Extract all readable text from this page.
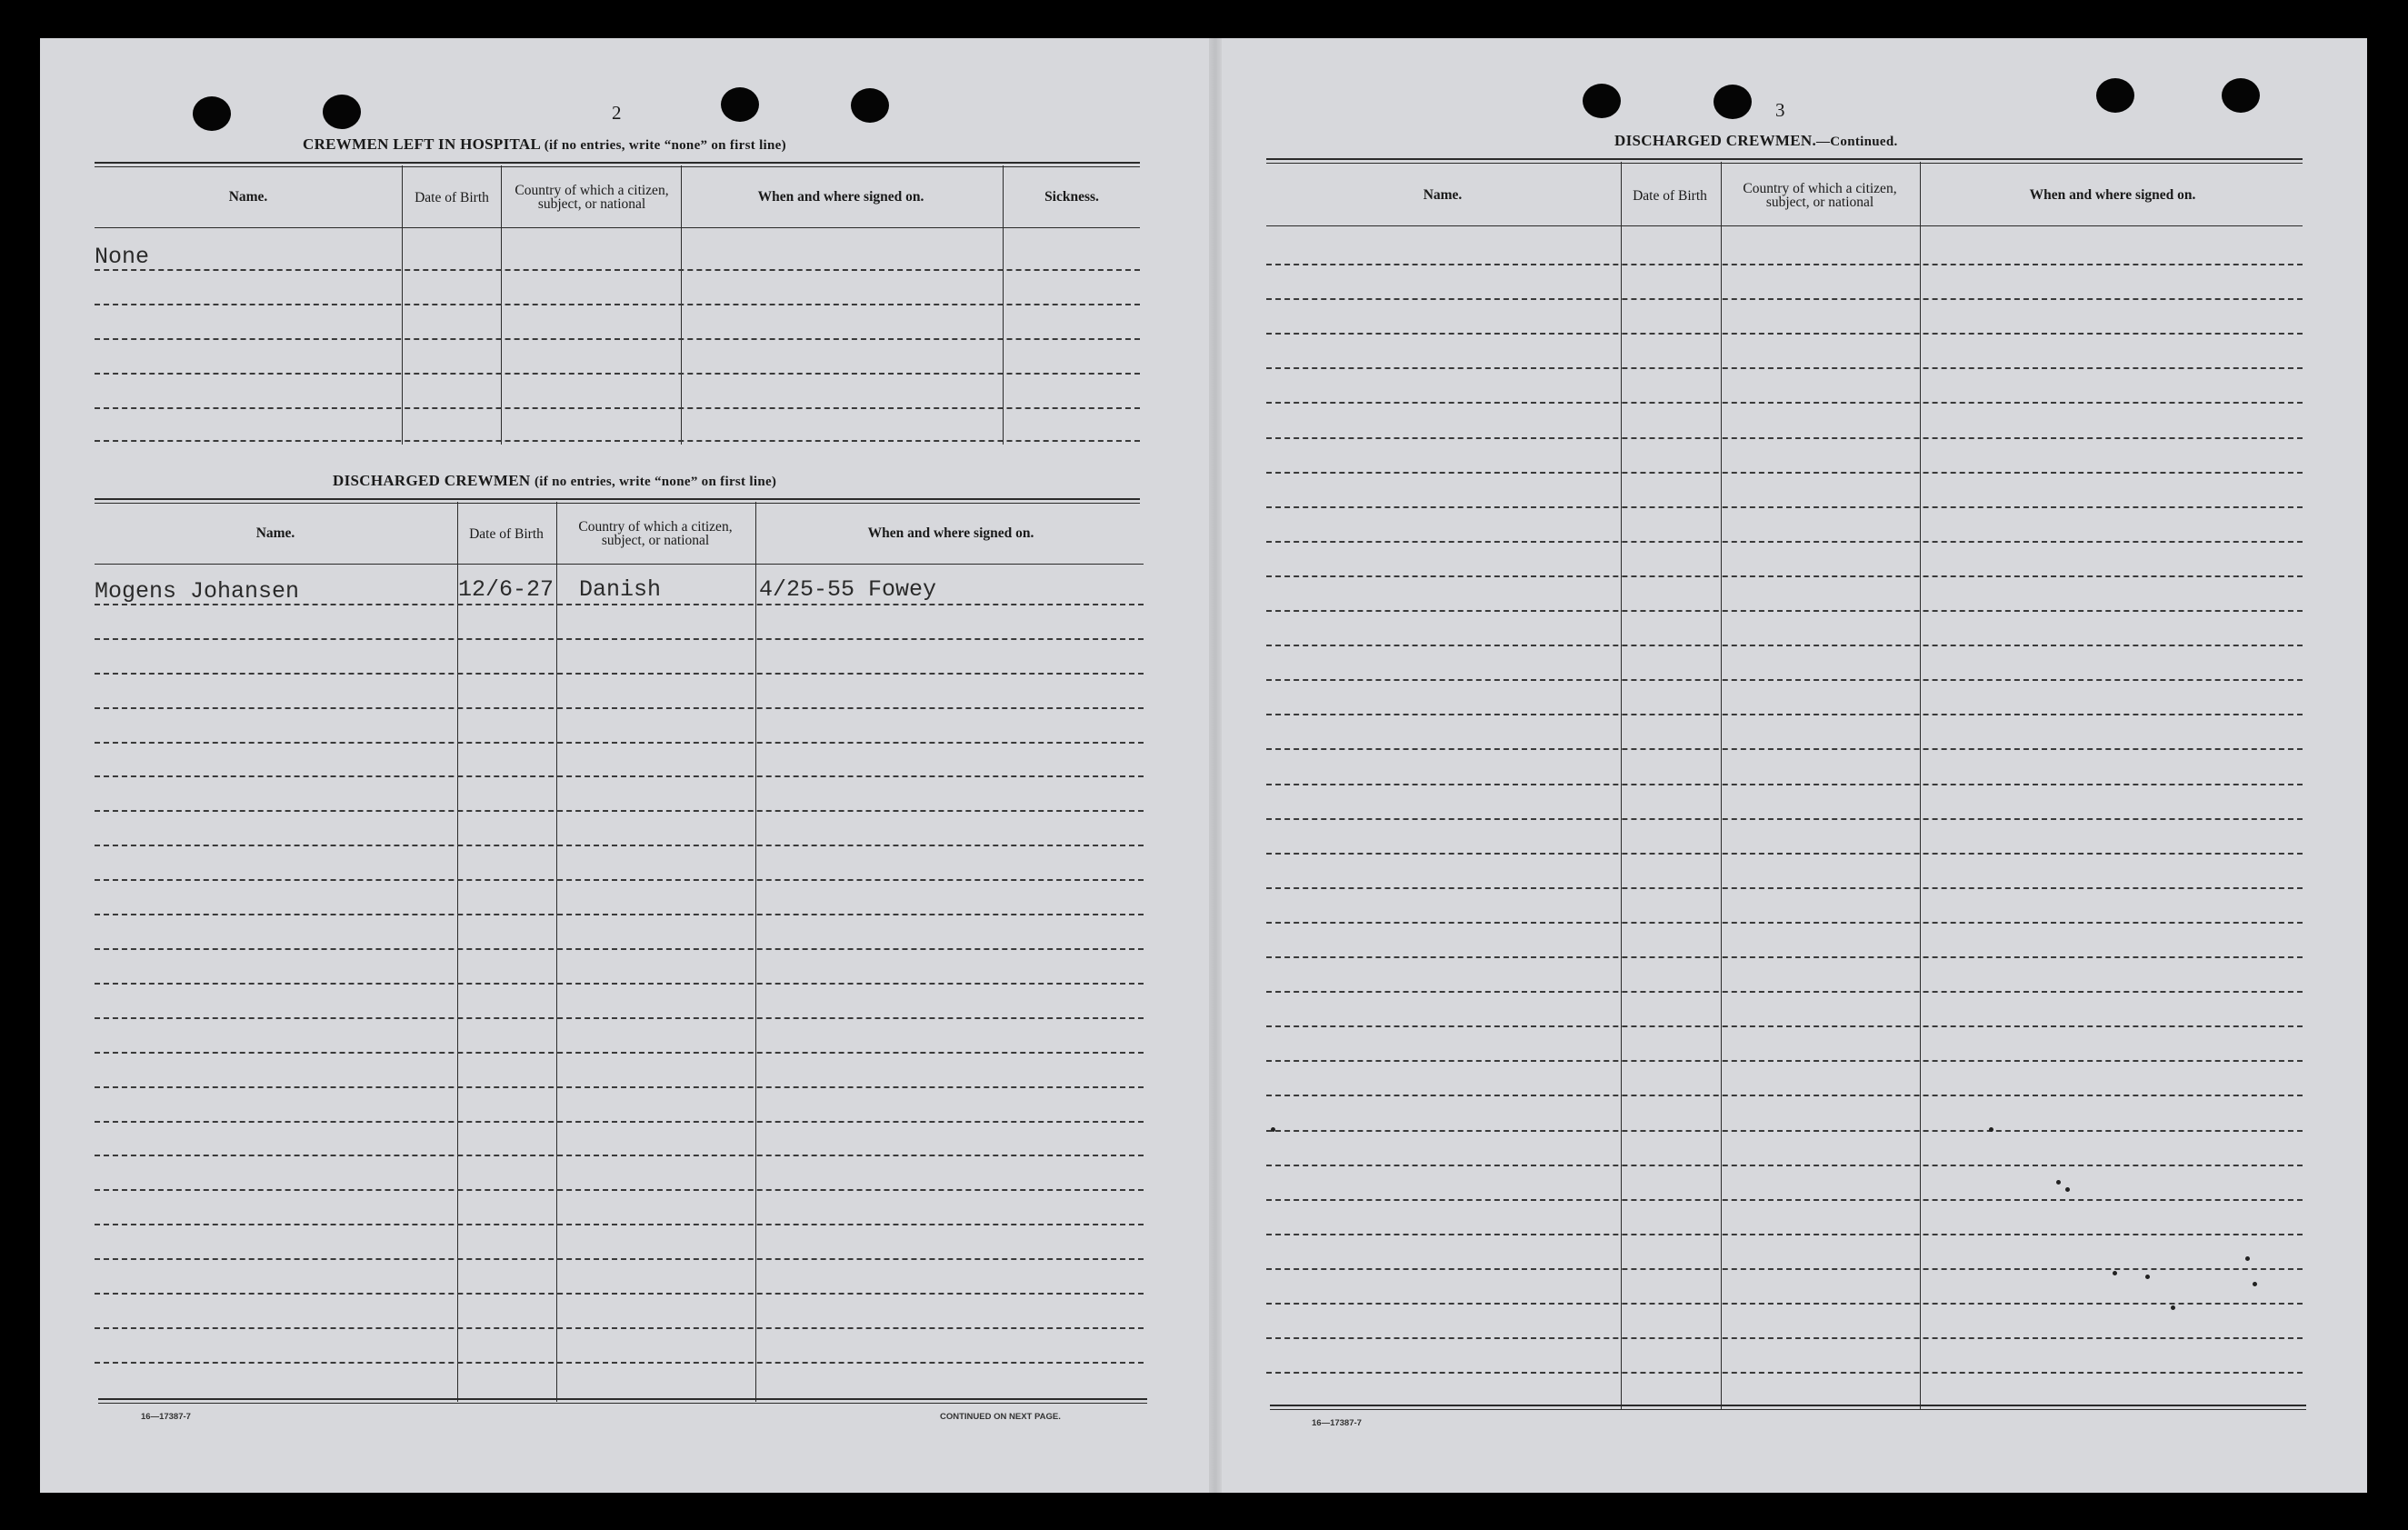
2
CREWMEN LEFT IN HOSPITAL (if no entries, write “none” on first line)
Name.	Date of Birth	Country of which a citizen, subject, or national	When and where signed on.	Sickness.
None
DISCHARGED CREWMEN (if no entries, write “none” on first line)
Name.	Date of Birth	Country of which a citizen, subject, or national	When and where signed on.
Mogens Johansen	12/6-27 Danish	4/25-55 Fowey
16—17387-7	CONTINUED ON NEXT PAGE.
3
DISCHARGED CREWMEN.—Continued.
Name.	Date of Birth	Country of which a citizen, subject, or national	When and where signed on.
16—17387-7
